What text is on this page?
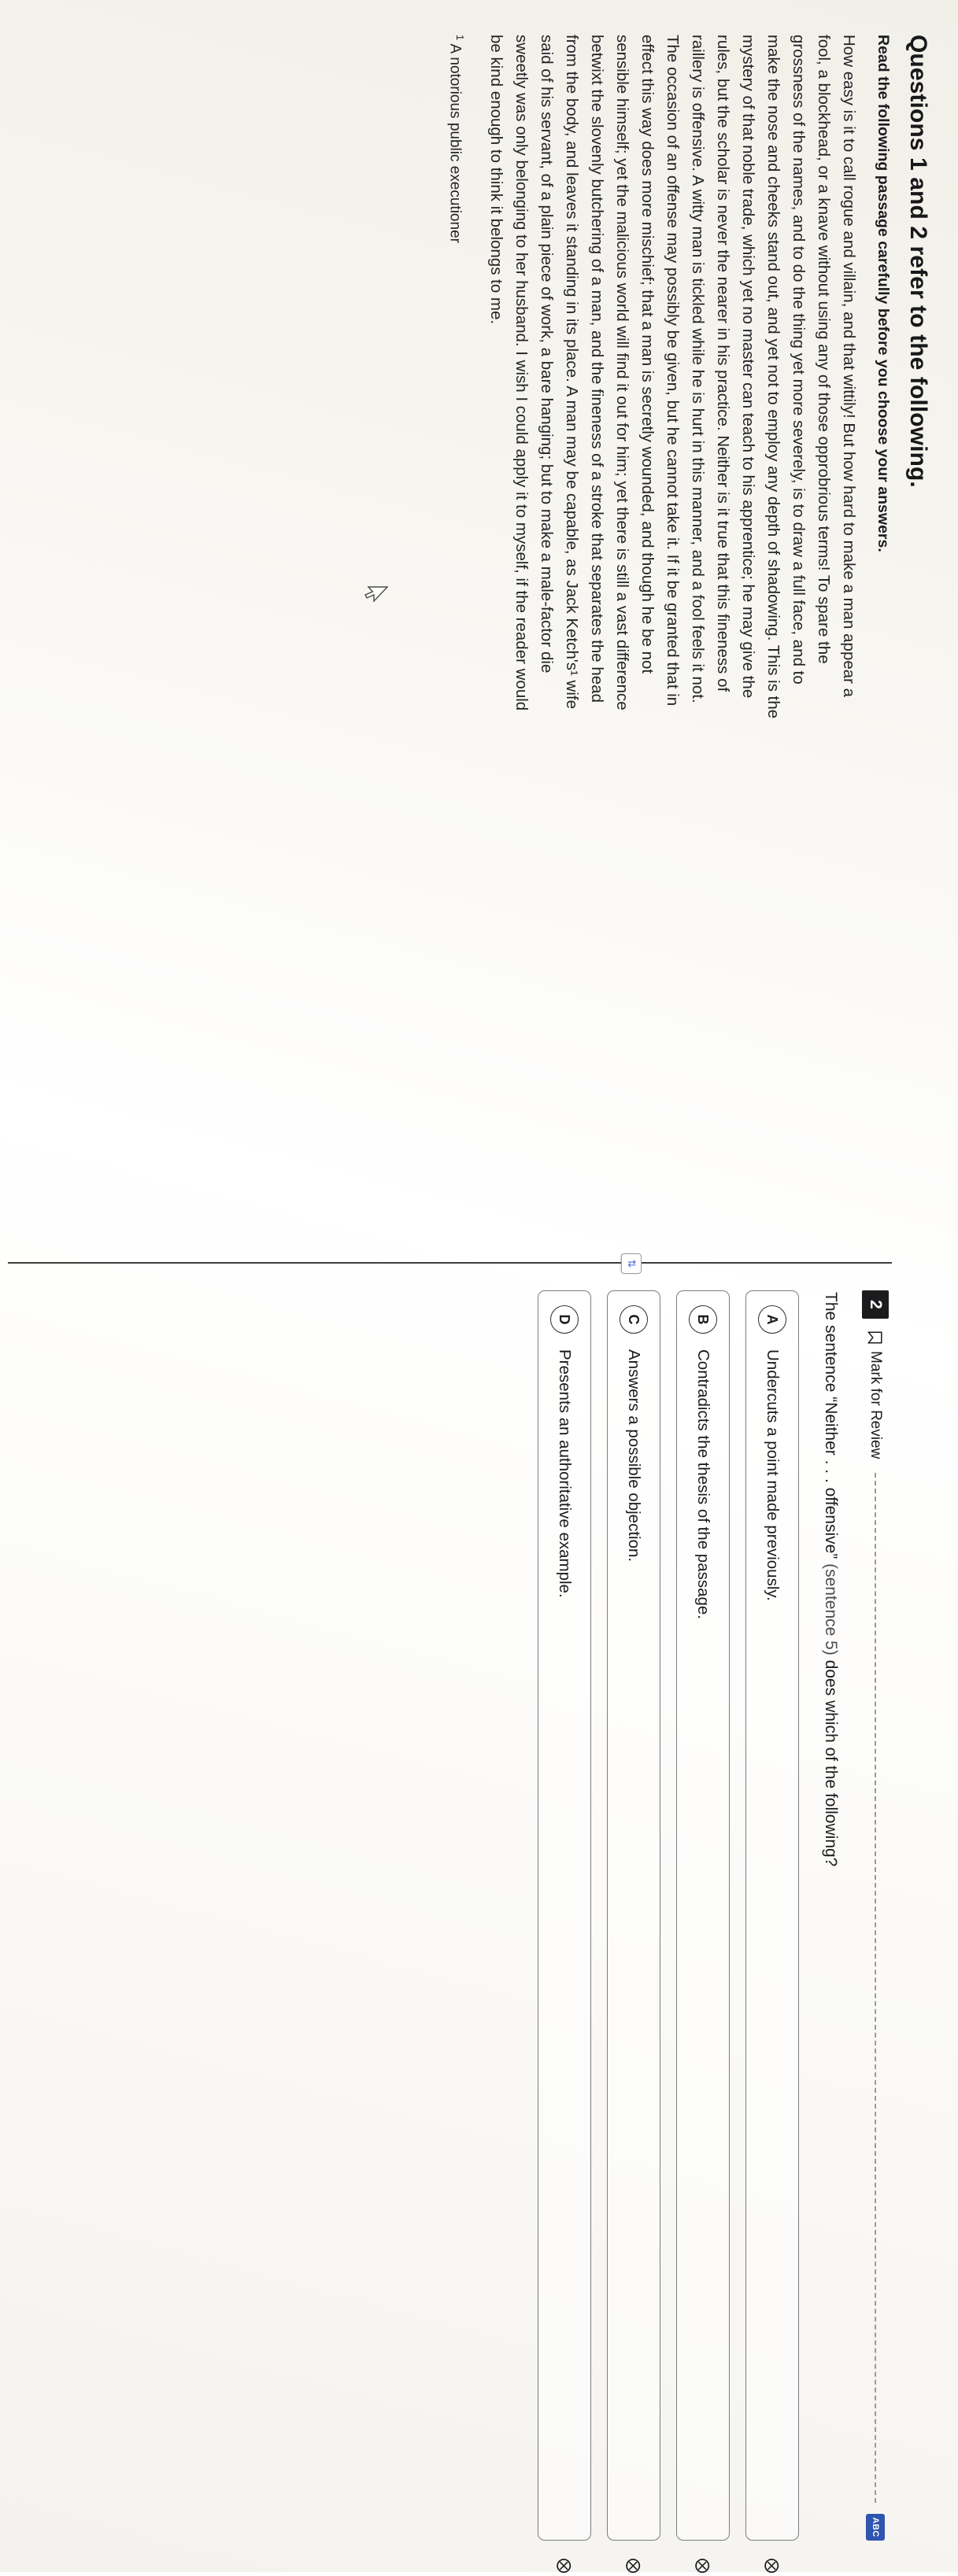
Questions 1 and 2 refer to the following.
Read the following passage carefully before you choose your answers.

How easy is it to call rogue and villain, and that wittily! But how hard to make a man appear a fool, a blockhead, or a knave without using any of those opprobrious terms! To spare the grossness of the names, and to do the thing yet more severely, is to draw a full face, and to make the nose and cheeks stand out, and yet not to employ any depth of shadowing. This is the mystery of that noble trade, which yet no master can teach to his apprentice; he may give the rules, but the scholar is never the nearer in his practice. Neither is it true that this fineness of raillery is offensive. A witty man is tickled while he is hurt in this manner, and a fool feels it not. The occasion of an offense may possibly be given, but he cannot take it. If it be granted that in effect this way does more mischief; that a man is secretly wounded, and though he be not sensible himself; yet the malicious world will find it out for him; yet there is still a vast difference betwixt the slovenly butchering of a man, and the fineness of a stroke that separates the head from the body, and leaves it standing in its place. A man may be capable, as Jack Ketch's¹ wife said of his servant, of a plain piece of work, a bare hanging; but to make a male-factor die sweetly was only belonging to her husband. I wish I could apply it to myself, if the reader would be kind enough to think it belongs to me.

$^1$ A notorious public executioner
⇅
2
Mark for Review
ABC
The sentence “Neither . . . offensive” (sentence 5) does which of the following?
A
Undercuts a point made previously.
⨂
B
Contradicts the thesis of the passage.
⨂
C
Answers a possible objection.
⨂
D
Presents an authoritative example.
⨂
